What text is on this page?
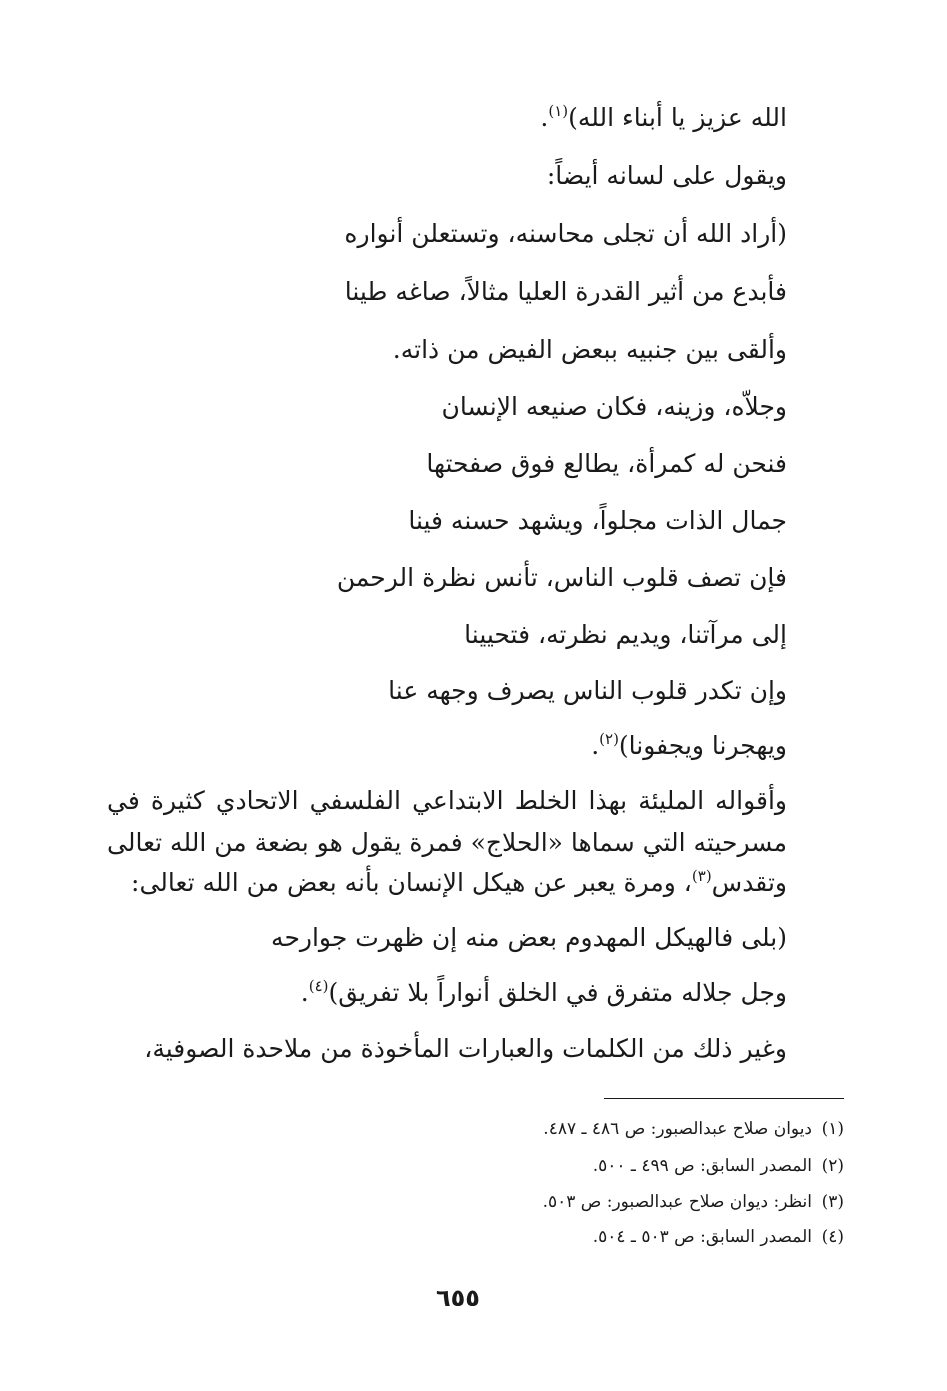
الله عزيز يا أبناء الله)$^{(١)}$.
ويقول على لسانه أيضاً:
(أراد الله أن تجلى محاسنه، وتستعلن أنواره
فأبدع من أثير القدرة العليا مثالاً، صاغه طينا
وألقى بين جنبيه ببعض الفيض من ذاته.
وجلاّه، وزينه، فكان صنيعه الإنسان
فنحن له كمرأة، يطالع فوق صفحتها
جمال الذات مجلواً، ويشهد حسنه فينا
فإن تصف قلوب الناس، تأنس نظرة الرحمن
إلى مرآتنا، ويديم نظرته، فتحيينا
وإن تكدر قلوب الناس يصرف وجهه عنا
ويهجرنا ويجفونا)$^{(٢)}$.
وأقواله المليئة بهذا الخلط الابتداعي الفلسفي الاتحادي كثيرة في
مسرحيته التي سماها «الحلاج» فمرة يقول هو بضعة من الله تعالى
وتقدس$^{(٣)}$، ومرة يعبر عن هيكل الإنسان بأنه بعض من الله تعالى:
(بلى فالهيكل المهدوم بعض منه إن ظهرت جوارحه
وجل جلاله متفرق في الخلق أنواراً بلا تفريق)$^{(٤)}$.
وغير ذلك من الكلمات والعبارات المأخوذة من ملاحدة الصوفية،
(١)ديوان صلاح عبدالصبور: ص ٤٨٦ ـ ٤٨٧.
(٢)المصدر السابق: ص ٤٩٩ ـ ٥٠٠.
(٣)انظر: ديوان صلاح عبدالصبور: ص ٥٠٣.
(٤)المصدر السابق: ص ٥٠٣ ـ ٥٠٤.
٦٥٥
